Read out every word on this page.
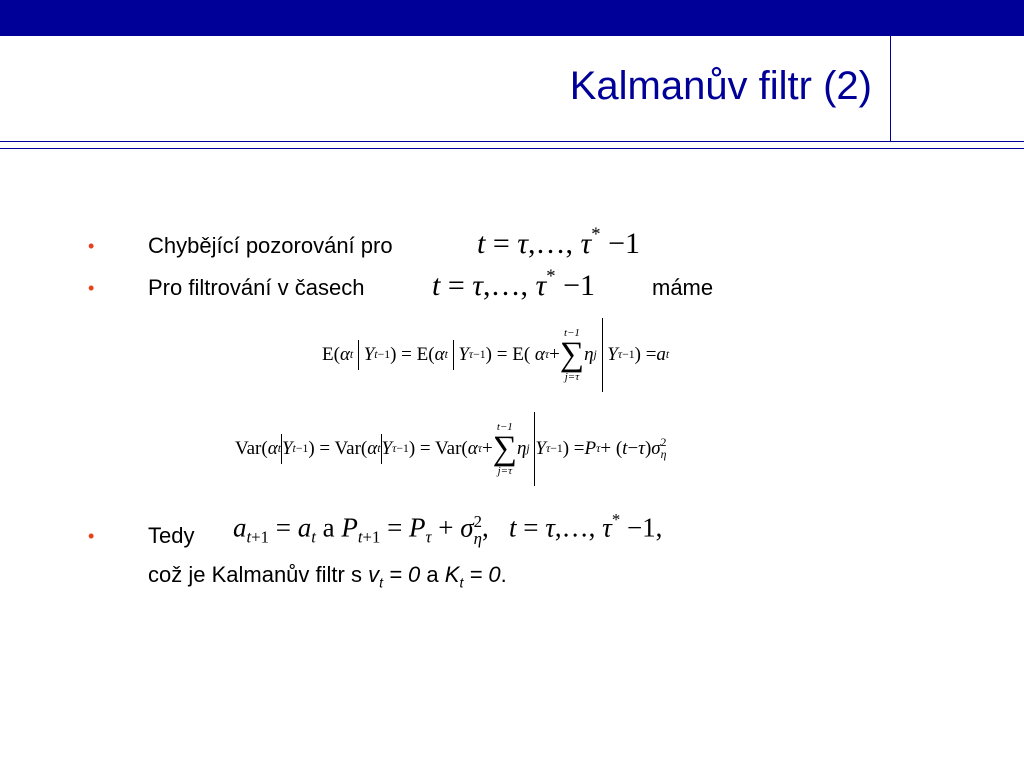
Kalmanův filtr (2)
• Chybějící pozorování pro	t = τ,…, τ* −1
• Pro filtrování v časech t = τ,…, τ* −1	máme
E( α t

Y t−1 ) = E( α t

Y τ−1 ) = E( α τ +
t−1
∑
j=τ
η j

Y τ−1 ) = a t
Var( α t Y t−1 ) = Var( α t Y τ−1 ) = Var( α τ +
t−1
∑
j=τ
η j
Y τ−1 ) = P τ + ( t − τ ) σ 2
η
• Tedy $a_{t+1} = a_t$ a $P_{t+1} = P_\tau + \sigma$ 2
η ,   t = τ,…, τ* −1,
což je Kalmanův filtr s $v_t = 0$ a $K_t = 0$.
